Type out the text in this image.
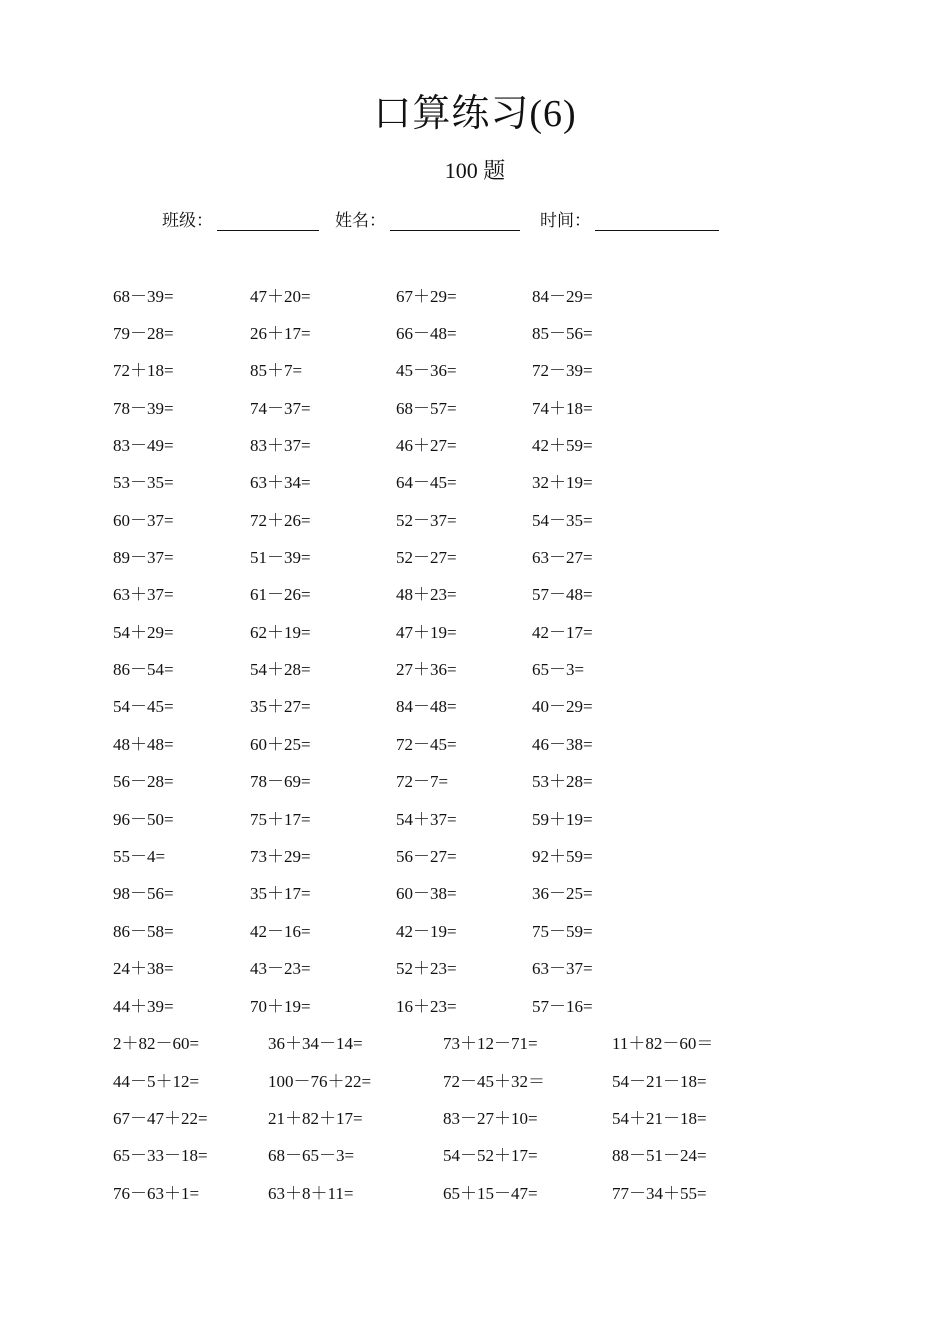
口算练习(6)
100 题
班级：	姓名：	时间：
68－39=	47＋20=	67＋29=	84－29=
79－28=	26＋17=	66－48=	85－56=
72＋18=	85＋7=	45－36=	72－39=
78－39=	74－37=	68－57=	74＋18=
83－49=	83＋37=	46＋27=	42＋59=
53－35=	63＋34=	64－45=	32＋19=
60－37=	72＋26=	52－37=	54－35=
89－37=	51－39=	52－27=	63－27=
63＋37=	61－26=	48＋23=	57－48=
54＋29=	62＋19=	47＋19=	42－17=
86－54=	54＋28=	27＋36=	65－3=
54－45=	35＋27=	84－48=	40－29=
48＋48=	60＋25=	72－45=	46－38=
56－28=	78－69=	72－7=	53＋28=
96－50=	75＋17=	54＋37=	59＋19=
55－4=	73＋29=	56－27=	92＋59=
98－56=	35＋17=	60－38=	36－25=
86－58=	42－16=	42－19=	75－59=
24＋38=	43－23=	52＋23=	63－37=
44＋39=	70＋19=	16＋23=	57－16=
2＋82－60=	36＋34－14=	73＋12－71=	11＋82－60＝
44－5＋12=	100－76＋22=	72－45＋32＝	54－21－18=
67－47＋22=	21＋82＋17=	83－27＋10=	54＋21－18=
65－33－18=	68－65－3=	54－52＋17=	88－51－24=
76－63＋1=	63＋8＋11=	65＋15－47=	77－34＋55=
